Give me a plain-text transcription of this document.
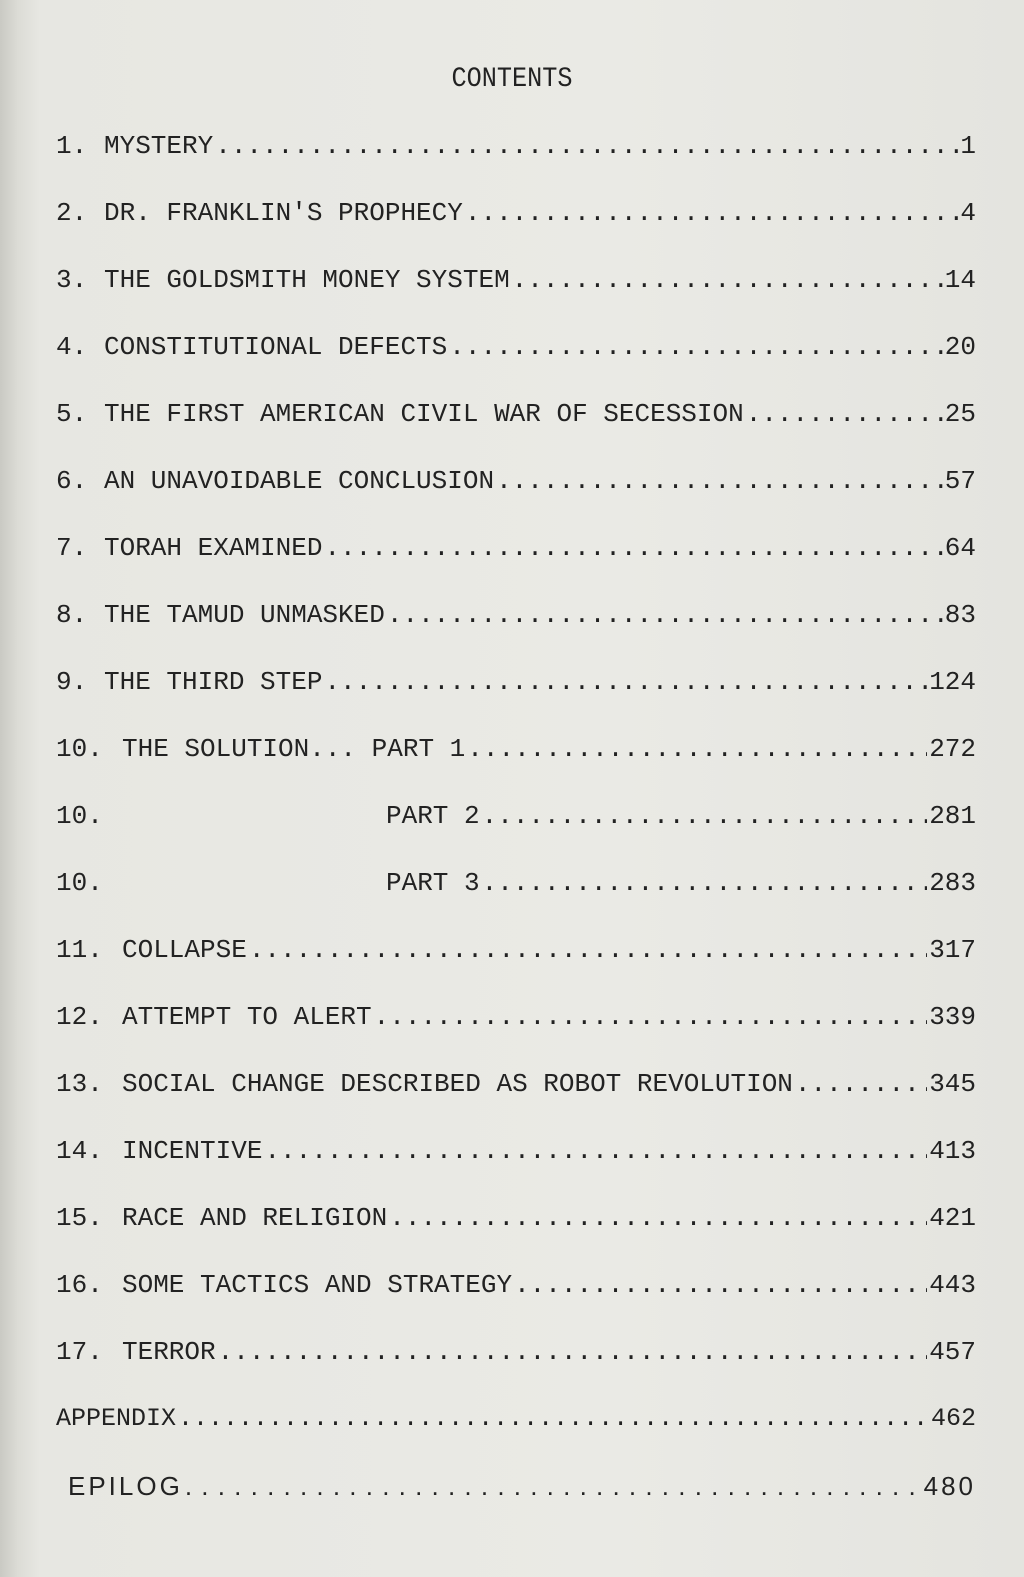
CONTENTS
1. MYSTERY .....	1
2. DR. FRANKLIN'S PROPHECY .....	4
3. THE GOLDSMITH MONEY SYSTEM .....	14
4. CONSTITUTIONAL DEFECTS .....	20
5. THE FIRST AMERICAN CIVIL WAR OF SECESSION .....	25
6. AN UNAVOIDABLE CONCLUSION .....	57
7. TORAH EXAMINED .....	64
8. THE TAMUD UNMASKED .....	83
9. THE THIRD STEP .....	124
10. THE SOLUTION... PART 1 .....	272
10.	PART 2 .....	281
10.	PART 3 .....	283
11. COLLAPSE .....	317
12. ATTEMPT TO ALERT .....	339
13. SOCIAL CHANGE DESCRIBED AS ROBOT REVOLUTION .....	345
14. INCENTIVE .....	413
15. RACE AND RELIGION .....	421
16. SOME TACTICS AND STRATEGY .....	443
17. TERROR .....	457
APPENDIX .....	462
EPILOG . . .	480
